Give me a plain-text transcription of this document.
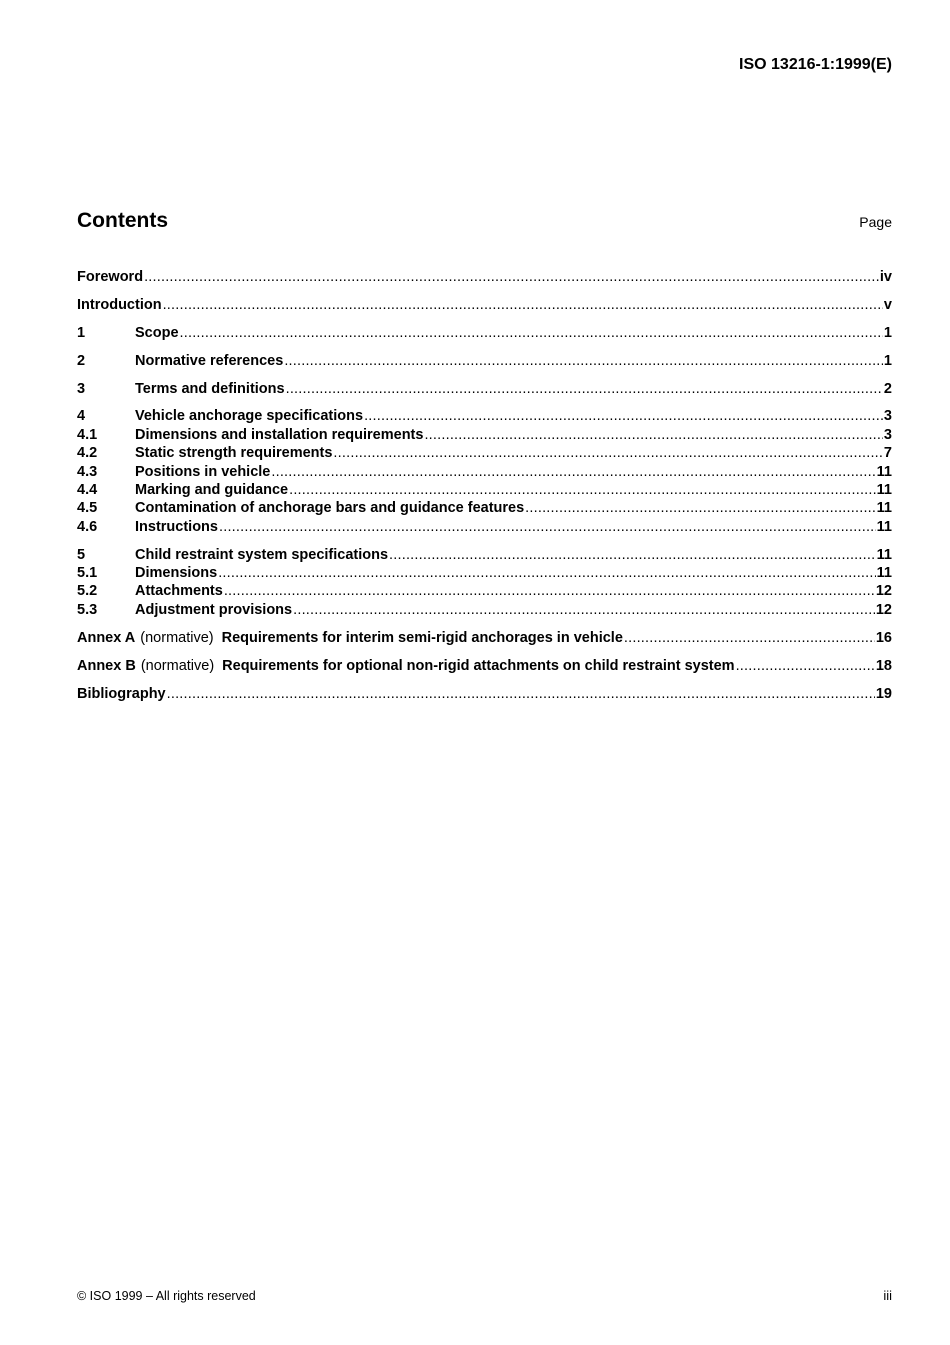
ISO 13216-1:1999(E)
Contents	Page
Foreword .....	iv
Introduction .....	v
1	Scope .....	1
2	Normative references .....	1
3	Terms and definitions .....	2
4	Vehicle anchorage specifications .....	3
4.1	Dimensions and installation requirements .....	3
4.2	Static strength requirements .....	7
4.3	Positions in vehicle .....	11
4.4	Marking and guidance .....	11
4.5	Contamination of anchorage bars and guidance features .....	11
4.6	Instructions .....	11
5	Child restraint system specifications .....	11
5.1	Dimensions .....	11
5.2	Attachments .....	12
5.3	Adjustment provisions .....	12
Annex A (normative) Requirements for interim semi-rigid anchorages in vehicle .....	16
Annex B (normative) Requirements for optional non-rigid attachments on child restraint system .....	18
Bibliography .....	19
© ISO 1999 – All rights reserved	iii
